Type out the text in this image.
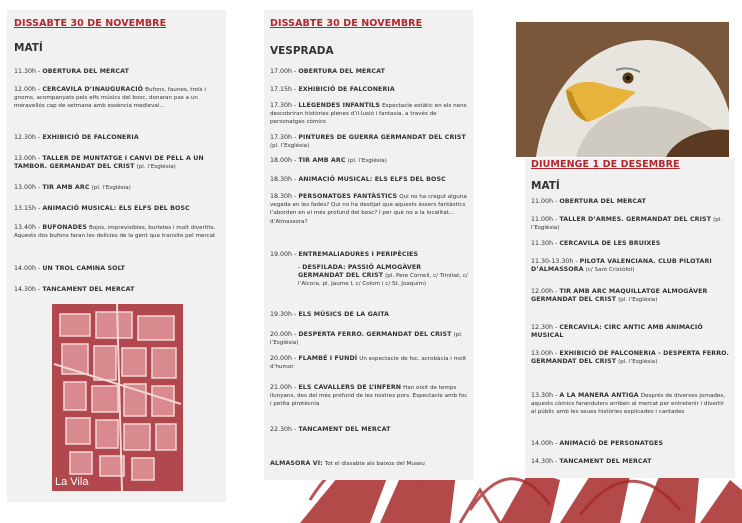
DISSABTE 30 DE NOVEMBRE
MATÍ
11.30h - OBERTURA DEL MERCAT
12.00h - CERCAVILA D’INAUGURACIÓ Bufons, faunes, trols i gnoms, acompanyats pels elfs músics del bosc, donaran pas a un meravellós cap de setmana amb essència medieval...
12.30h - EXHIBICIÓ DE FALCONERIA
13.00h - TALLER DE MUNTATGE I CANVI DE PELL A UN TAMBOR. GERMANDAT DEL CRIST (pl. l’Església)
13.00h - TIR AMB ARC (pl. l’Església)
13.15h - ANIMACIÓ MUSICAL: ELS ELFS DEL BOSC
13.40h - BUFONADES Bojos, imprevisibles, burletes i molt divertits. Aquests dos bufons faran les delícies de la gent que transite pel mercat
14.00h - UN TROL CAMINA SOLT
14.30h - TANCAMENT DEL MERCAT
La Vila
DISSABTE 30 DE NOVEMBRE
VESPRADA
17.00h - OBERTURA DEL MERCAT
17.15h - EXHIBICIÓ DE FALCONERIA
17.30h - LLEGENDES INFANTILS Espectacle estàtic en els nens descobriran històries plenes d’il·lusió i fantasia, a través de personatges còmics
17.30h - PINTURES DE GUERRA GERMANDAT DEL CRIST (pl. l’Església)
18.00h - TIR AMB ARC (pl. l’Església)
18.30h - ANIMACIÓ MUSICAL: ELS ELFS DEL BOSC
18.30h - PERSONATGES FANTÀSTICS Qui no ha cregut alguna vegada en les fades? Qui no ha desitjat que aquests éssers fantàstics l’aborden en el més profund del bosc? I per què no a la localitat... d’Almassora?
19.00h - ENTREMALIADURES I PERIPÈCIES
- DESFILADA: PASSIÓ ALMOGÀVER GERMANDAT DEL CRIST (pl. Pere Cornell, c/ Trinitat, c/ l’Alcora, pl. Jaume I, c/ Colom i c/ St. Joaquim)
19.30h - ELS MÚSICS DE LA GAITA
20.00h - DESPERTA FERRO. GERMANDAT DEL CRIST (pl. l’Església)
20.00h - FLAMBÉ I FUNDÍ Un espectacle de foc, acrobàcia i molt d’humor
21.00h - ELS CAVALLERS DE L’INFERN Han eixit de temps llunyans, des del més profund de les nostres pors. Espectacle amb foc i petita pirotècnia
22.30h - TANCAMENT DEL MERCAT
ALMASORA VI: Tot el dissabte als baixos del Museu
DIUMENGE 1 DE DESEMBRE
MATÍ
11.00h - OBERTURA DEL MERCAT
11.00h - TALLER D’ARMES. GERMANDAT DEL CRIST (pl. l’Església)
11.30h - CERCAVILA DE LES BRUIXES
11.30-13.30h - PILOTA VALENCIANA. CLUB PILOTARI D’ALMASSORA (c/ Sant Cristòfol)
12.00h - TIR AMB ARC MAQUILLATGE ALMOGÀVER GERMANDAT DEL CRIST (pl. l’Església)
12.30h - CERCAVILA: CIRC ANTIC AMB ANIMACIÓ MUSICAL
13.00h - EXHIBICIÓ DE FALCONERIA - DESPERTA FERRO. GERMANDAT DEL CRIST (pl. l’Església)
13.30h - A LA MANERA ANTIGA Després de diverses jornades, aquests còmics farandulers arriben al mercat per entretenir i divertir al públic amb les seues històries explicades i cantades
14.00h - ANIMACIÓ DE PERSONATGES
14.30h - TANCAMENT DEL MERCAT
